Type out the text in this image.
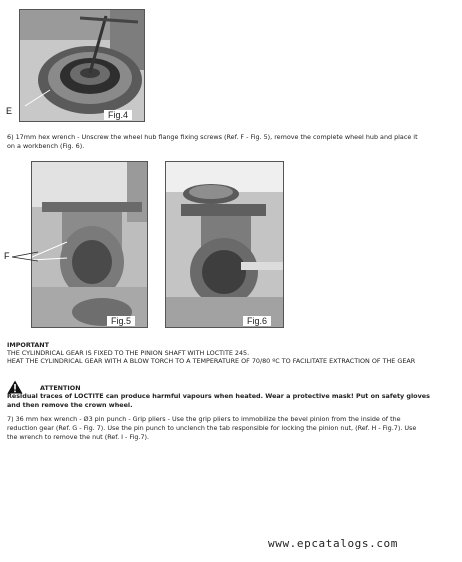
Fig.4
E
6) 17mm hex wrench - Unscrew the wheel hub flange fixing screws (Ref. F - Fig. 5), remove the complete wheel hub and place it
on a workbench (Fig. 6).
Fig.5
F
Fig.6
IMPORTANT
THE CYLINDRICAL GEAR IS FIXED TO THE PINION SHAFT WITH LOCTITE 245.
HEAT THE CYLINDRICAL GEAR WITH A BLOW TORCH TO A TEMPERATURE OF 70/80 ºC TO FACILITATE EXTRACTION OF THE GEAR
ATTENTION
Residual traces of LOCTITE can produce harmful vapours when heated. Wear a protective mask! Put on safety gloves
and then remove the crown wheel.
7) 36 mm hex wrench - Ø3 pin punch - Grip pliers - Use the grip pliers to immobilize the bevel pinion from the inside of the
reduction gear (Ref. G - Fig. 7). Use the pin punch to unclench the tab responsible for locking the pinion nut, (Ref. H - Fig.7). Use
the wrench to remove the nut (Ref. I - Fig.7).
www.epcatalogs.com
